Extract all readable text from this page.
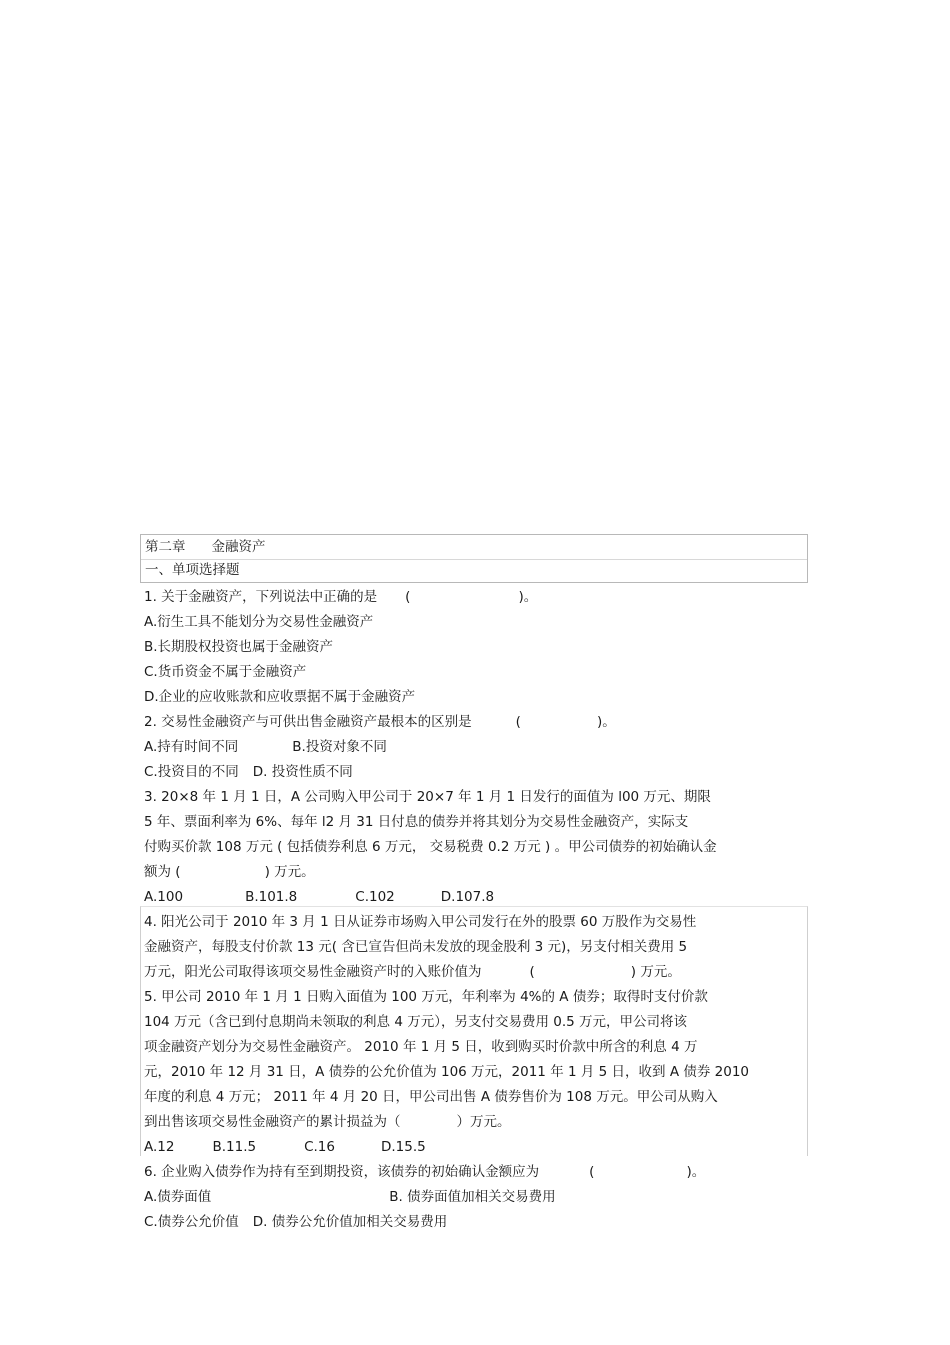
第二章 金融资产
一、单项选择题
1. 关于金融资产，下列说法中正确的是 (	)。
A.衍生工具不能划分为交易性金融资产
B.长期股权投资也属于金融资产
C.货币资金不属于金融资产
D.企业的应收账款和应收票据不属于金融资产
2. 交易性金融资产与可供出售金融资产最根本的区别是	(	)。
A.持有时间不同	B.投资对象不同
C.投资目的不同 D. 投资性质不同
3. 20×8 年 1 月 1 日，A 公司购入甲公司于 20×7 年 1 月 1 日发行的面值为 l00 万元、期限
5 年、票面利率为 6%、每年 l2 月 31 日付息的债券并将其划分为交易性金融资产，实际支
付购买价款 108 万元 ( 包括债券利息 6 万元， 交易税费 0.2 万元 ) 。甲公司债券的初始确认金
额为 (	) 万元。
A.100	B.101.8	C.102	D.107.8
4. 阳光公司于 2010 年 3 月 1 日从证券市场购入甲公司发行在外的股票 60 万股作为交易性
金融资产，每股支付价款 13 元( 含已宣告但尚未发放的现金股利 3 元)，另支付相关费用 5
万元，阳光公司取得该项交易性金融资产时的入账价值为	(	) 万元。
5. 甲公司 2010 年 1 月 1 日购入面值为 100 万元，年利率为 4%的 A 债券；取得时支付价款
104 万元（含已到付息期尚未领取的利息 4 万元），另支付交易费用 0.5 万元，甲公司将该
项金融资产划分为交易性金融资产。 2010 年 1 月 5 日，收到购买时价款中所含的利息 4 万
元，2010 年 12 月 31 日，A 债券的公允价值为 106 万元，2011 年 1 月 5 日，收到 A 债券 2010
年度的利息 4 万元； 2011 年 4 月 20 日，甲公司出售 A 债券售价为 108 万元。甲公司从购入
到出售该项交易性金融资产的累计损益为（	）万元。
A.12	B.11.5	C.16	D.15.5
6. 企业购入债券作为持有至到期投资，该债券的初始确认金额应为	(	)。
A.债券面值	B. 债券面值加相关交易费用
C.债券公允价值 D. 债券公允价值加相关交易费用
